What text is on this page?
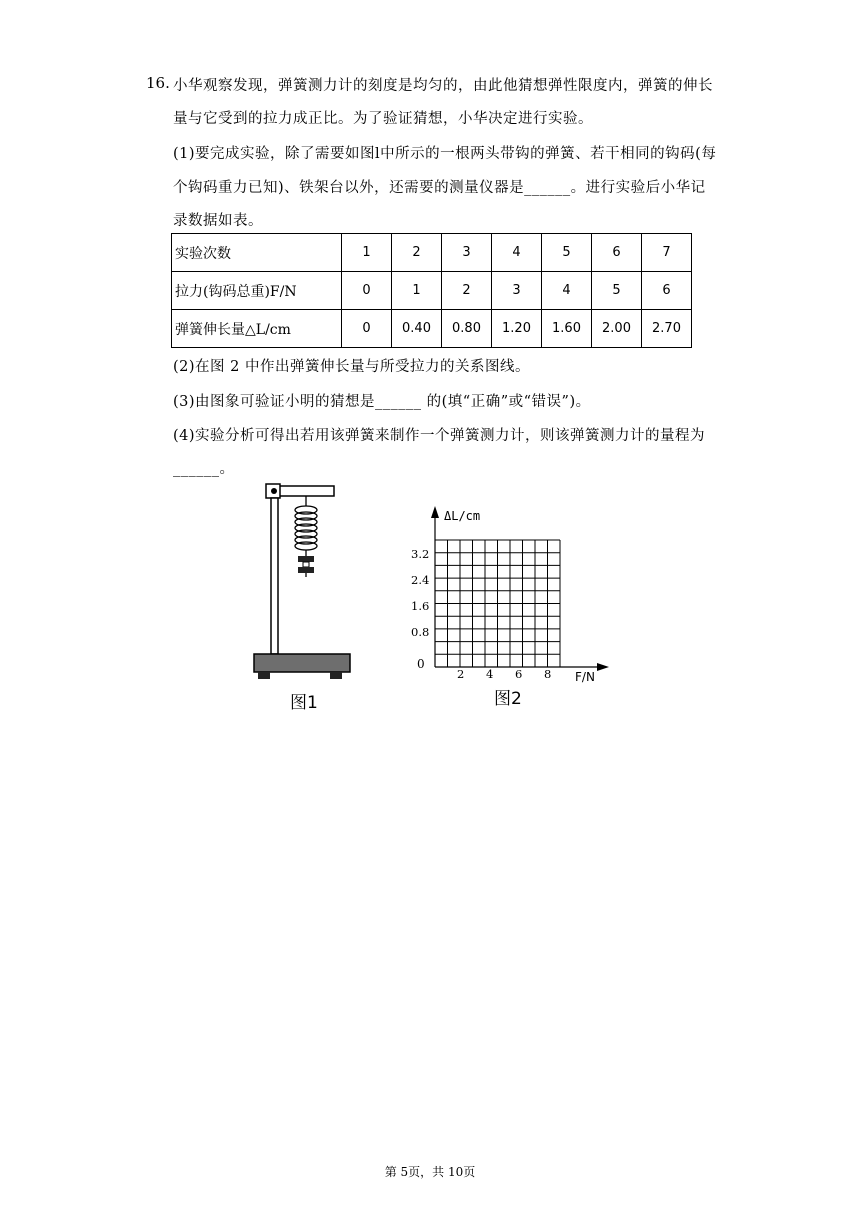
16. 小华观察发现，弹簧测力计的刻度是均匀的，由此他猜想弹性限度内，弹簧的伸长
量与它受到的拉力成正比。为了验证猜想，小华决定进行实验。
(1)要完成实验，除了需要如图l中所示的一根两头带钩的弹簧、若干相同的钩码(每
个钩码重力已知)、铁架台以外，还需要的测量仪器是______。进行实验后小华记
录数据如表。
实验次数	1	2	3	4	5	6	7
拉力(钩码总重)F/N	0	1	2	3	4	5	6
弹簧伸长量△L/cm	0	0.40	0.80	1.20	1.60	2.00	2.70
(2)在图 2 中作出弹簧伸长量与所受拉力的关系图线。
(3)由图象可验证小明的猜想是______ 的(填“正确”或“错误”)。
(4)实验分析可得出若用该弹簧来制作一个弹簧测力计，则该弹簧测力计的量程为
______。
图1
ΔL/cm
F/N
0
0.8
1.6
2.4
3.2
2 4 6 8
图2
第 5页，共 10页
